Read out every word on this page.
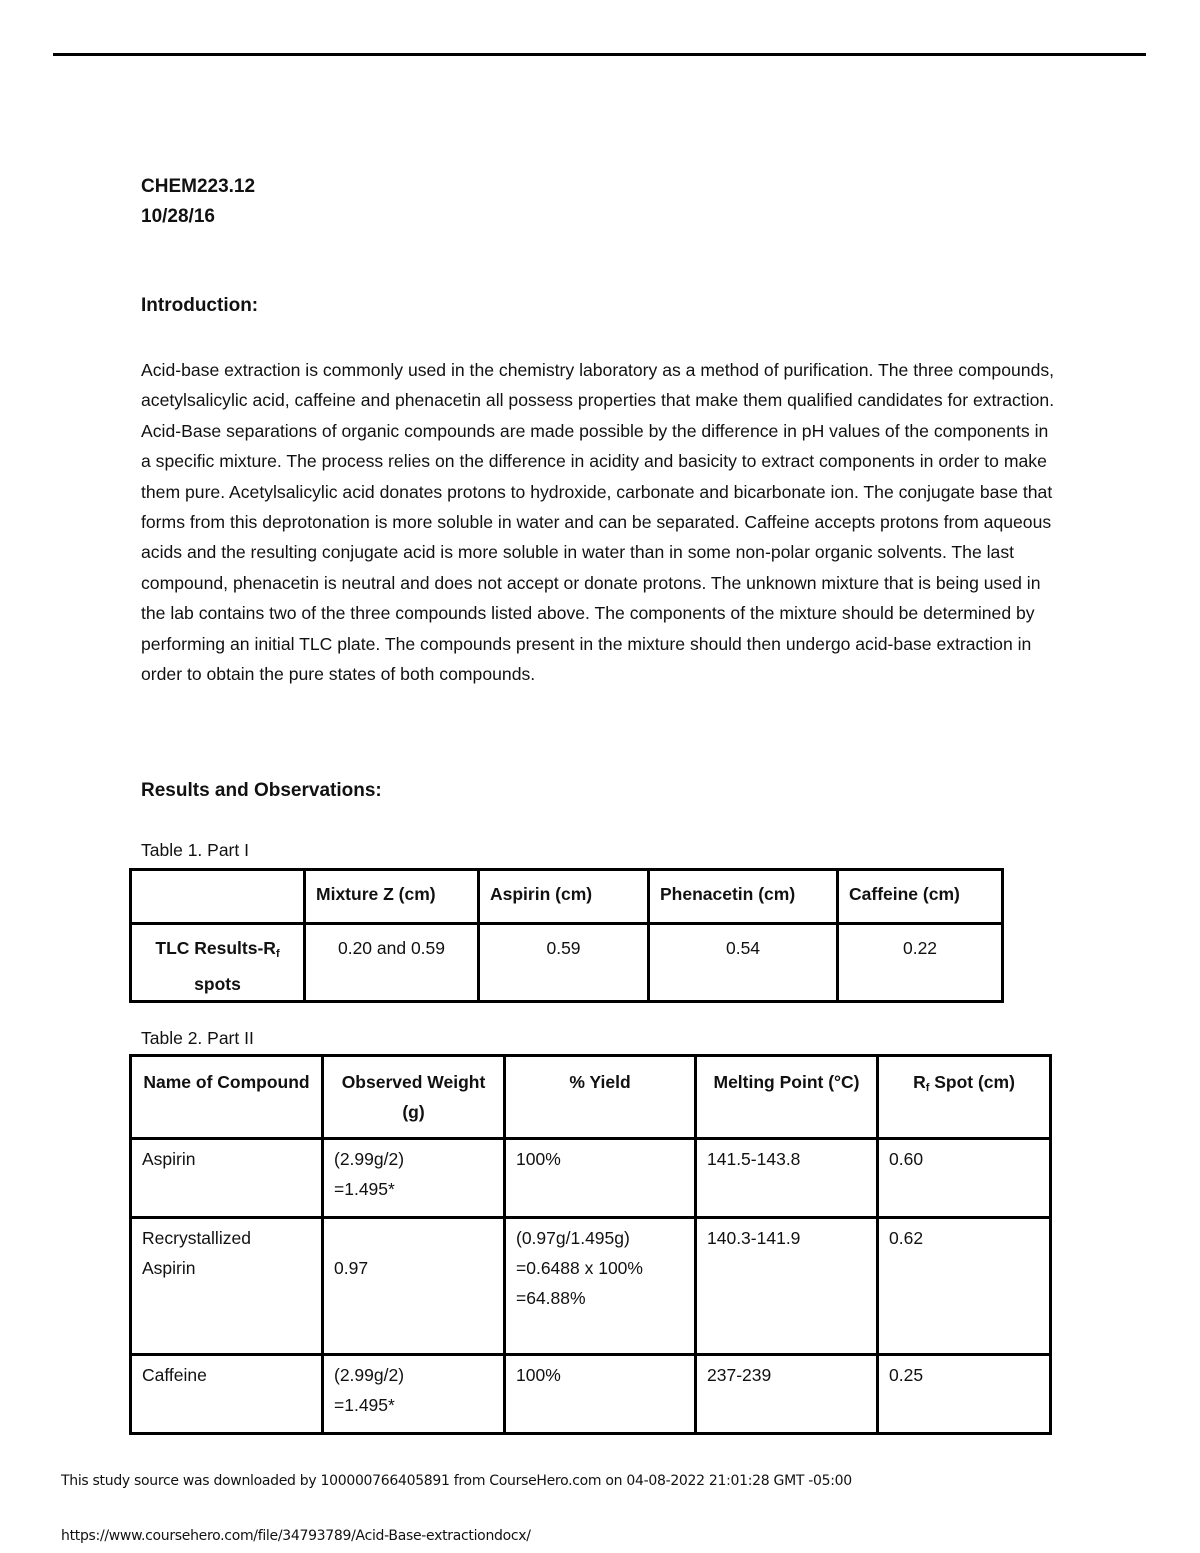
CHEM223.12
10/28/16
Introduction:
Acid-base extraction is commonly used in the chemistry laboratory as a method of purification. The three compounds, acetylsalicylic acid, caffeine and phenacetin all possess properties that make them qualified candidates for extraction. Acid-Base separations of organic compounds are made possible by the difference in pH values of the components in a specific mixture. The process relies on the difference in acidity and basicity to extract components in order to make them pure. Acetylsalicylic acid donates protons to hydroxide, carbonate and bicarbonate ion. The conjugate base that forms from this deprotonation is more soluble in water and can be separated. Caffeine accepts protons from aqueous acids and the resulting conjugate acid is more soluble in water than in some non-polar organic solvents. The last compound, phenacetin is neutral and does not accept or donate protons. The unknown mixture that is being used in the lab contains two of the three compounds listed above. The components of the mixture should be determined by performing an initial TLC plate. The compounds present in the mixture should then undergo acid-base extraction in order to obtain the pure states of both compounds.
Results and Observations:
Table 1. Part I
	Mixture Z (cm)	Aspirin (cm)	Phenacetin (cm)	Caffeine (cm)
TLC Results-$R_f$
spots	0.20 and 0.59	0.59	0.54	0.22
Table 2. Part II
Name of Compound	Observed Weight (g)	% Yield	Melting Point (°C)	$R_f$ Spot (cm)
Aspirin	(2.99g/2)
=1.495*	100%	141.5-143.8	0.60
Recrystallized
Aspirin	0.97	(0.97g/1.495g)
=0.6488 x 100%
=64.88%	140.3-141.9	0.62
Caffeine	(2.99g/2)
=1.495*	100%	237-239	0.25
This study source was downloaded by 100000766405891 from CourseHero.com on 04-08-2022 21:01:28 GMT -05:00
https://www.coursehero.com/file/34793789/Acid-Base-extractiondocx/
